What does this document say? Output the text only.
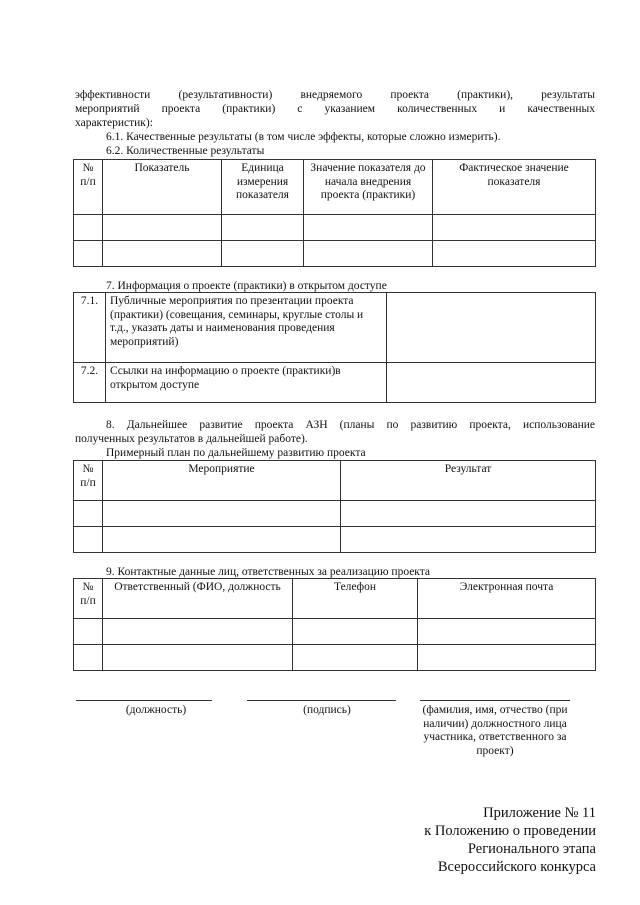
эффективности (результативности) внедряемого проекта (практики), результаты
мероприятий проекта (практики) с указанием количественных и качественных
характеристик):
6.1. Качественные результаты (в том числе эффекты, которые сложно измерить).
6.2. Количественные результаты
№ п/п	Показатель	Единица измерения показателя	Значение показателя до начала внедрения проекта (практики)	Фактическое значение показателя

7. Информация о проекте (практики) в открытом доступе
7.1.	Публичные мероприятия по презентации проекта (практики) (совещания, семинары, круглые столы и т.д., указать даты и наименования проведения мероприятий)	
7.2.	Ссылки на информацию о проекте (практики)в открытом доступе	
8. Дальнейшее развитие проекта АЗН (планы по развитию проекта, использование
полученных результатов в дальнейшей работе).
Примерный план по дальнейшему развитию проекта
№ п/п	Мероприятие	Результат

9. Контактные данные лиц, ответственных за реализацию проекта
№ п/п	Ответственный (ФИО, должность	Телефон	Электронная почта

(должность)	(подпись)	(фамилия, имя, отчество (при наличии) должностного лица участника, ответственного за проект)
Приложение № 11
к Положению о проведении
Регионального этапа
Всероссийского конкурса
